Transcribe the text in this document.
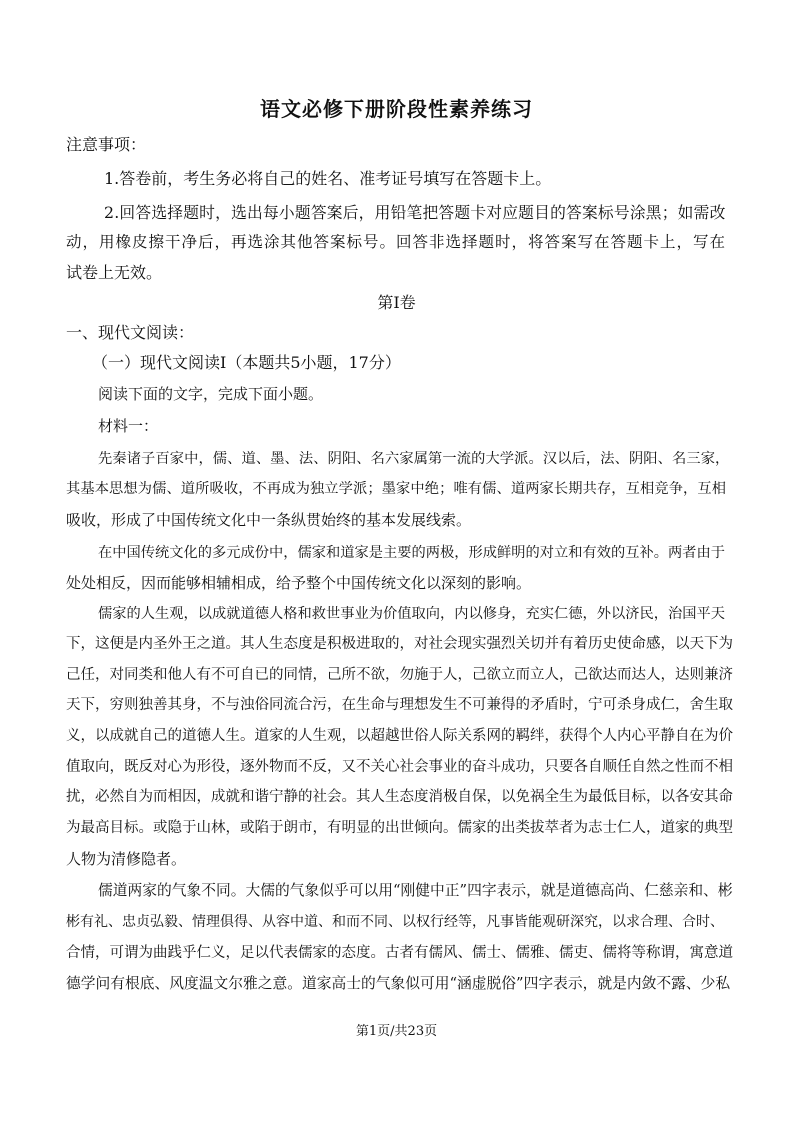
语文必修下册阶段性素养练习
注意事项：
1.答卷前，考生务必将自己的姓名、准考证号填写在答题卡上。
2.回答选择题时，选出每小题答案后，用铅笔把答题卡对应题目的答案标号涂黑；如需改
动，用橡皮擦干净后，再选涂其他答案标号。回答非选择题时，将答案写在答题卡上，写在
试卷上无效。
第I卷
一、现代文阅读：
（一）现代文阅读I（本题共5小题，17分）
阅读下面的文字，完成下面小题。
材料一：
先秦诸子百家中，儒、道、墨、法、阴阳、名六家属第一流的大学派。汉以后，法、阴阳、名三家，
其基本思想为儒、道所吸收，不再成为独立学派；墨家中绝；唯有儒、道两家长期共存，互相竞争，互相
吸收，形成了中国传统文化中一条纵贯始终的基本发展线索。
在中国传统文化的多元成份中，儒家和道家是主要的两极，形成鲜明的对立和有效的互补。两者由于
处处相反，因而能够相辅相成，给予整个中国传统文化以深刻的影响。
儒家的人生观，以成就道德人格和救世事业为价值取向，内以修身，充实仁德，外以济民，治国平天
下，这便是内圣外王之道。其人生态度是积极进取的，对社会现实强烈关切并有着历史使命感，以天下为
己任，对同类和他人有不可自已的同情，己所不欲，勿施于人，己欲立而立人，己欲达而达人，达则兼济
天下，穷则独善其身，不与浊俗同流合污，在生命与理想发生不可兼得的矛盾时，宁可杀身成仁，舍生取
义，以成就自己的道德人生。道家的人生观，以超越世俗人际关系网的羁绊，获得个人内心平静自在为价
值取向，既反对心为形役，逐外物而不反，又不关心社会事业的奋斗成功，只要各自顺任自然之性而不相
扰，必然自为而相因，成就和谐宁静的社会。其人生态度消极自保，以免祸全生为最低目标，以各安其命
为最高目标。或隐于山林，或陷于朗市，有明显的出世倾向。儒家的出类拔萃者为志士仁人，道家的典型
人物为清修隐者。
儒道两家的气象不同。大儒的气象似乎可以用“刚健中正”四字表示，就是道德高尚、仁慈亲和、彬
彬有礼、忠贞弘毅、情理俱得、从容中道、和而不同、以权行经等，凡事皆能观研深究，以求合理、合时、
合情，可谓为曲践乎仁义，足以代表儒家的态度。古者有儒风、儒士、儒雅、儒吏、儒将等称谓，寓意道
德学问有根底、风度温文尔雅之意。道家高士的气象似可用“涵虚脱俗”四字表示，就是内敛不露、少私
第1页/共23页
